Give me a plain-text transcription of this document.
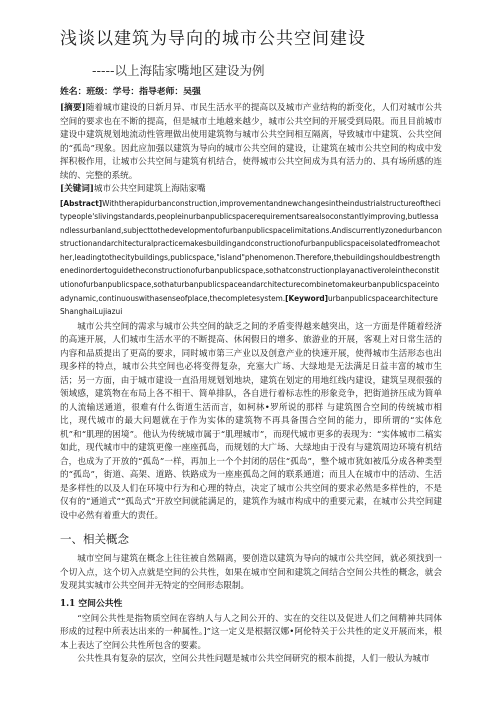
浅谈以建筑为导向的城市公共空间建设
-----以上海陆家嘴地区建设为例
姓名：班级：学号：指导老师：吴强

[摘要]随着城市建设的日新月异、市民生活水平的提高以及城市产业结构的新变化，人们对城市公共空间的要求也在不断的提高，但是城市土地越来越少，城市公共空间的开展受到局限。而且目前城市建设中建筑规划地流动性管理做出使用建筑物与城市公共空间相互隔离，导致城市中建筑、公共空间的“孤岛”现象。因此应加强以建筑为导向的城市公共空间的建设，让建筑在城市公共空间的构成中发挥积极作用，让城市公共空间与建筑有机结合，使得城市公共空间成为具有活力的、具有场所感的连续的、完整的系统。

[关键词]城市公共空间建筑上海陆家嘴

[Abstract]Withtherapidurbanconstruction,improvementandnewchangesintheindustrialstructureofthecitypeople'slivingstandards,peopleinurbanpublicspacerequirementsarealsoconstantlyimproving,butlessandlessurbanland,subjecttothedevelopmentofurbanpublicspacelimitations.Andiscurrentlyzonedurbanconstructionandarchitecturalpracticemakesbuildingandconstructionofurbanpublicspaceisolatedfromeachother,leadingtothecitybuildings,publicspace,"island"phenomenon.Therefore,thebuildingshouldbestrengthenedinordertoguidetheconstructionofurbanpublicspace,sothatconstructionplayanactiveroleintheconstitutionofurbanpublicspace,sothaturbanpublicspaceandarchitecturecombinetomakeurbanpublicspaceintoadynamic,continuouswithasenseofplace,thecompletesystem.[Keyword]urbanpublicspacearchitectureShanghaiLujiazui

城市公共空间的需求与城市公共空间的缺乏之间的矛盾变得越来越突出，这一方面是伴随着经济的高速开展，人们城市生活水平的不断提高、休闲假日的增多、旅游业的开展，客观上对日常生活的内容和品质提出了更高的要求，同时城市第三产业以及创意产业的快速开展，使得城市生活形态也出现多样的特点，城市公共空间也必将变得复杂，充塞大广场、大绿地是无法满足日益丰富的城市生活；另一方面，由于城市建设一直沿用规划划地块，建筑在划定的用地红线内建设，建筑呈现很强的领域感，建筑物在布局上各不相干、简单排队，各自进行着标志性的形象竞争，把街道挤压成为简单的人流输送通道，很难有什么街道生活而言，如柯林•罗所说的那样 与建筑图合空间的传统城市相比，现代城市的最大问题就在于作为实体的建筑物不再具备围合空间的能力，即所谓的“实体危机”和“肌理的困境”。他认为传统城市属于“肌理城市”，而现代城市更多的表现为：“实体城市二稿实如此，现代城市中的建筑更像一座座孤岛，而规划的大广场、大绿地由于没有与建筑周边环境有机结合，也成为了开放的“孤岛”一样，再加上一个个封闭的居住“孤岛”，整个城市犹如被瓜分成各种类型的“孤岛”，街道、高架、道路、铁路成为一座座孤岛之间的联系通道；而且人在城市中的活动、生活是多样性的以及人们在环境中行为和心理的特点，决定了城市公共空间的要求必然是多样性的，不是仅有的“通道式”“孤岛式”开放空间就能满足的，建筑作为城市构成中的重要元素，在城市公共空间建设中必然有着重大的责任。

一、相关概念

城市空间与建筑在概念上往往被自然隔离，要创造以建筑为导向的城市公共空间，就必须找到一个切入点，这个切入点就是空间的公共性，如果在城市空间和建筑之间结合空间公共性的概念，就会发现其实城市公共空间并无特定的空间形态限制。

1.1 空间公共性

“空间公共性是指物质空间在容纳人与人之间公开的、实在的交往以及促进人们之间精神共同体形成的过程中所表达出来的一种属性。]”这一定义是根据汉娜•阿伦特关于公共性的定义开展而来，根本上表达了空间公共性所包含的要素。

公共性具有复杂的层次，空间公共性问题是城市公共空间研究的根本前提，人们一般认为城市
